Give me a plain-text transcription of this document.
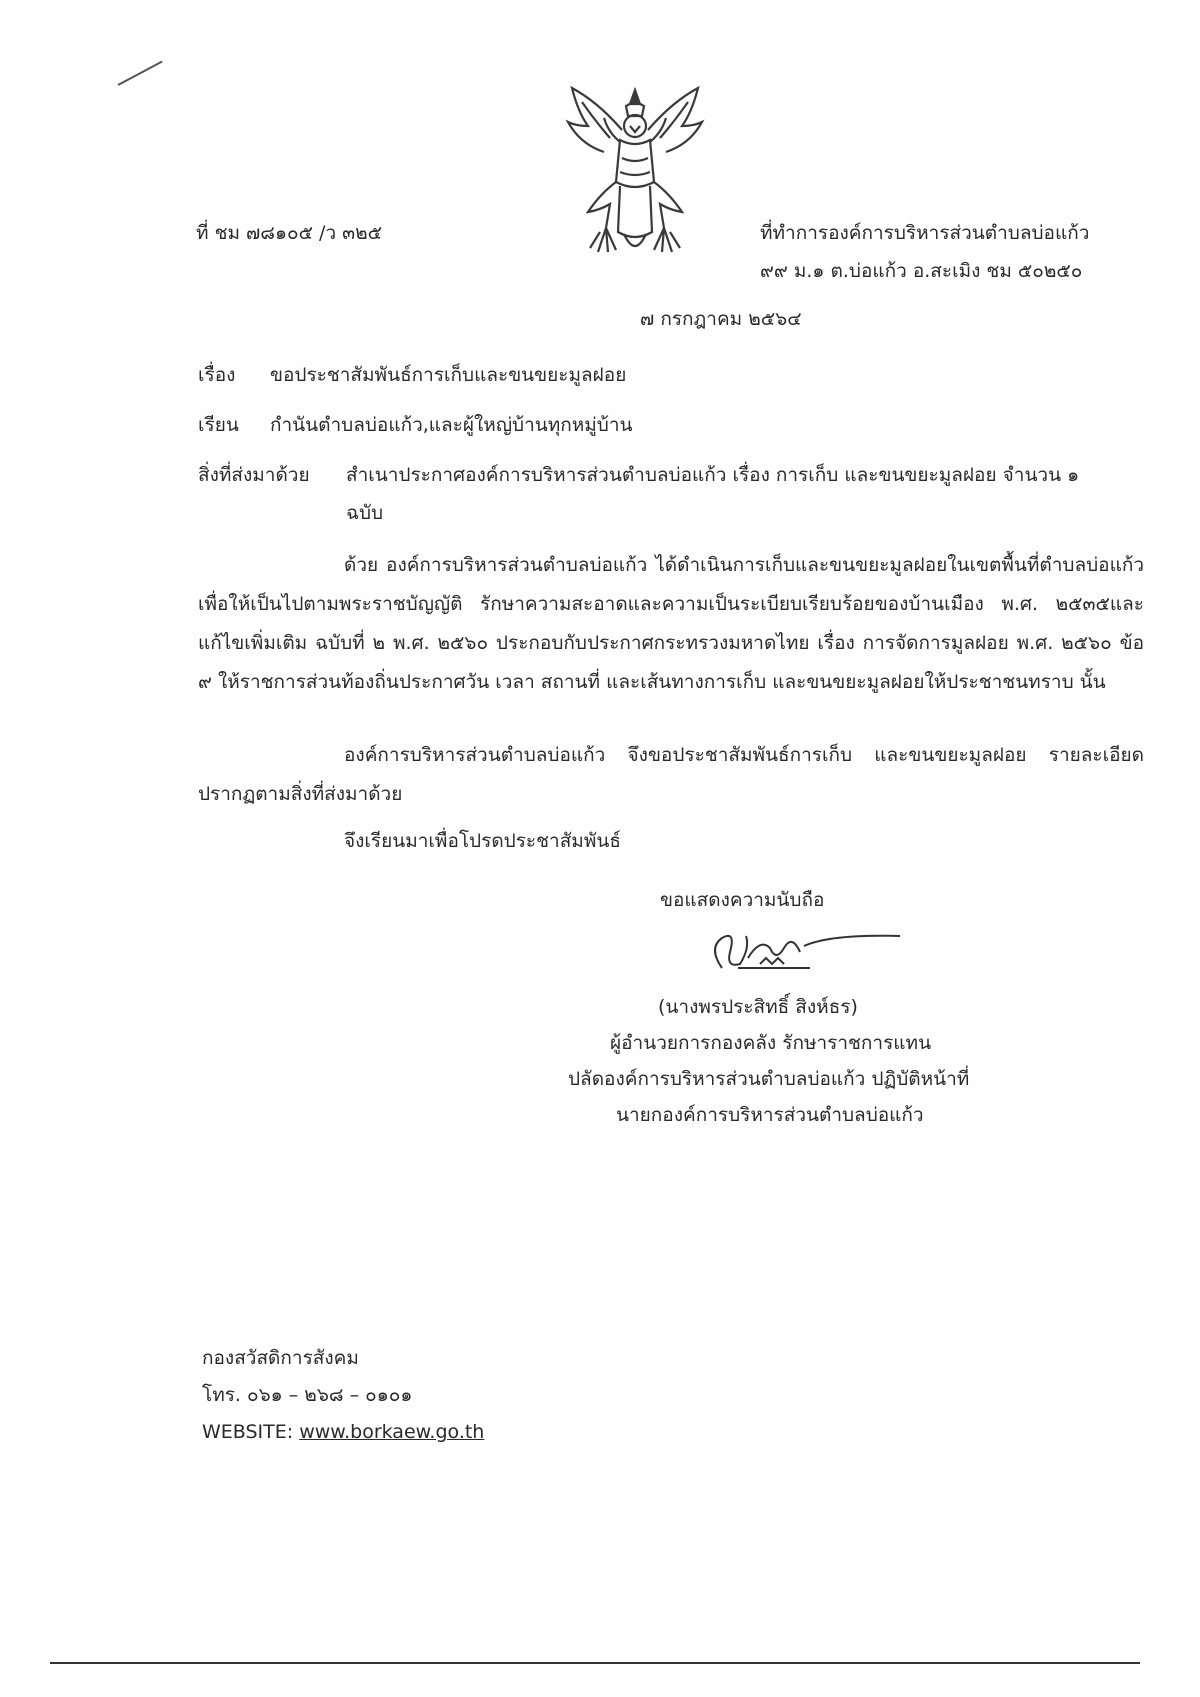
ที่ ชม ๗๘๑๐๕ /ว ๓๒๕	ที่ทำการองค์การบริหารส่วนตำบลบ่อแก้ว
๙๙ ม.๑ ต.บ่อแก้ว อ.สะเมิง ชม ๕๐๒๕๐
๗ กรกฎาคม ๒๕๖๔
เรื่อง ขอประชาสัมพันธ์การเก็บและขนขยะมูลฝอย
เรียน กำนันตำบลบ่อแก้ว,และผู้ใหญ่บ้านทุกหมู่บ้าน
สิ่งที่ส่งมาด้วย สำเนาประกาศองค์การบริหารส่วนตำบลบ่อแก้ว เรื่อง การเก็บ และขนขยะมูลฝอย จำนวน ๑
ฉบับ
ด้วย องค์การบริหารส่วนตำบลบ่อแก้ว ได้ดำเนินการเก็บและขนขยะมูลฝอยในเขตพื้นที่ตำบลบ่อแก้ว เพื่อให้เป็นไปตามพระราชบัญญัติ รักษาความสะอาดและความเป็นระเบียบเรียบร้อยของบ้านเมือง พ.ศ. ๒๕๓๕และแก้ไขเพิ่มเติม ฉบับที่ ๒ พ.ศ. ๒๕๖๐ ประกอบกับประกาศกระทรวงมหาดไทย เรื่อง การจัดการมูลฝอย พ.ศ. ๒๕๖๐ ข้อ ๙ ให้ราชการส่วนท้องถิ่นประกาศวัน เวลา สถานที่ และเส้นทางการเก็บ และขนขยะมูลฝอยให้ประชาชนทราบ นั้น
องค์การบริหารส่วนตำบลบ่อแก้ว จึงขอประชาสัมพันธ์การเก็บ และขนขยะมูลฝอย รายละเอียดปรากฏตามสิ่งที่ส่งมาด้วย
จึงเรียนมาเพื่อโปรดประชาสัมพันธ์
ขอแสดงความนับถือ
(นางพรประสิทธิ์ สิงห์ธร)
ผู้อำนวยการกองคลัง รักษาราชการแทน
ปลัดองค์การบริหารส่วนตำบลบ่อแก้ว ปฏิบัติหน้าที่
นายกองค์การบริหารส่วนตำบลบ่อแก้ว
กองสวัสดิการสังคม
โทร. ๐๖๑ – ๒๖๘ – ๐๑๐๑
WEBSITE: www.borkaew.go.th
